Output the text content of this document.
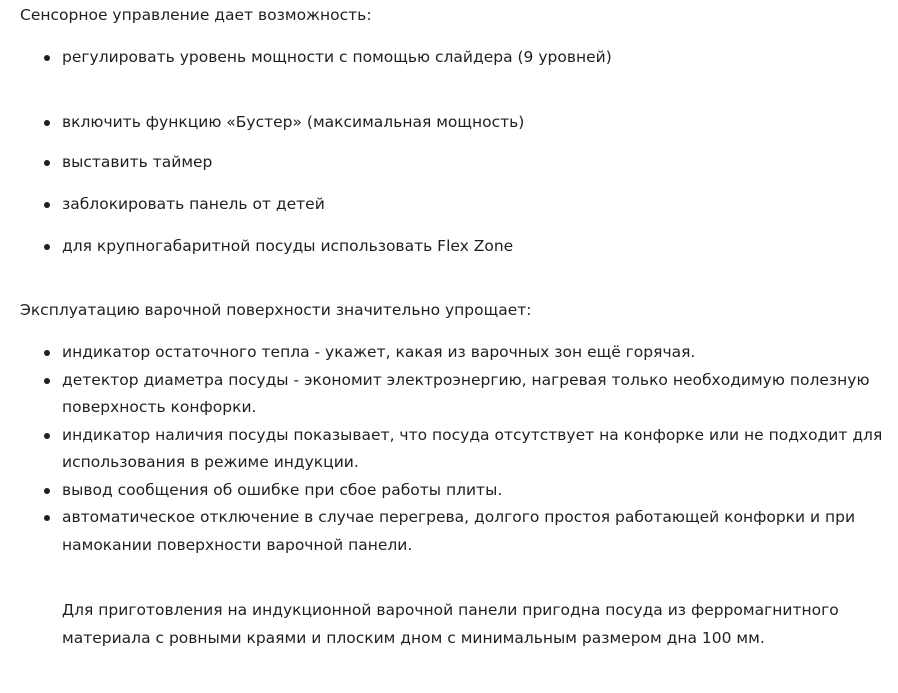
Сенсорное управление дает возможность:

регулировать уровень мощности с помощью слайдера (9 уровней)
включить функцию «Бустер» (максимальная мощность)
выставить таймер
заблокировать панель от детей
для крупногабаритной посуды использовать Flex Zone

Эксплуатацию варочной поверхности значительно упрощает:

индикатор остаточного тепла - укажет, какая из варочных зон ещё горячая.
детектор диаметра посуды - экономит электроэнергию, нагревая только необходимую полезную поверхность конфорки.
индикатор наличия посуды показывает, что посуда отсутствует на конфорке или не подходит для использования в режиме индукции.
вывод сообщения об ошибке при сбое работы плиты.
автоматическое отключение в случае перегрева, долгого простоя работающей конфорки и при намокании поверхности варочной панели.

Для приготовления на индукционной варочной панели пригодна посуда из ферромагнитного материала с ровными краями и плоским дном с минимальным размером дна 100 мм.
